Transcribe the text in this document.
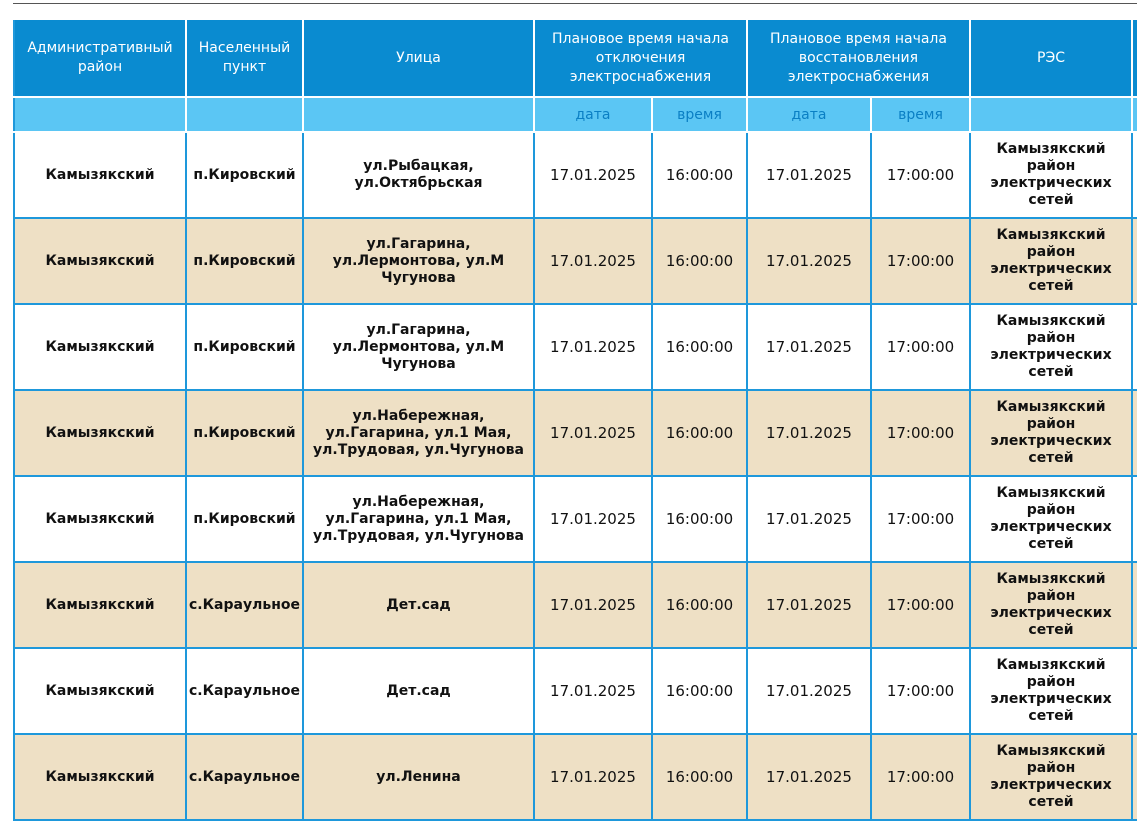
Административный район	Населенный пункт	Улица	Плановое время начала отключения электроснабжения		Плановое время начала восстановления электроснабжения		РЭС	
			дата	время	дата	время		
Камызякский	п.Кировский	ул.Рыбацкая, ул.Октябрьская	17.01.2025	16:00:00	17.01.2025	17:00:00	Камызякский район электрических сетей	
Камызякский	п.Кировский	ул.Гагарина, ул.Лермонтова, ул.М Чугунова	17.01.2025	16:00:00	17.01.2025	17:00:00	Камызякский район электрических сетей	
Камызякский	п.Кировский	ул.Гагарина, ул.Лермонтова, ул.М Чугунова	17.01.2025	16:00:00	17.01.2025	17:00:00	Камызякский район электрических сетей	
Камызякский	п.Кировский	ул.Набережная, ул.Гагарина, ул.1 Мая, ул.Трудовая, ул.Чугунова	17.01.2025	16:00:00	17.01.2025	17:00:00	Камызякский район электрических сетей	
Камызякский	п.Кировский	ул.Набережная, ул.Гагарина, ул.1 Мая, ул.Трудовая, ул.Чугунова	17.01.2025	16:00:00	17.01.2025	17:00:00	Камызякский район электрических сетей	
Камызякский	с.Караульное	Дет.сад	17.01.2025	16:00:00	17.01.2025	17:00:00	Камызякский район электрических сетей	
Камызякский	с.Караульное	Дет.сад	17.01.2025	16:00:00	17.01.2025	17:00:00	Камызякский район электрических сетей	
Камызякский	с.Караульное	ул.Ленина	17.01.2025	16:00:00	17.01.2025	17:00:00	Камызякский район электрических сетей	
